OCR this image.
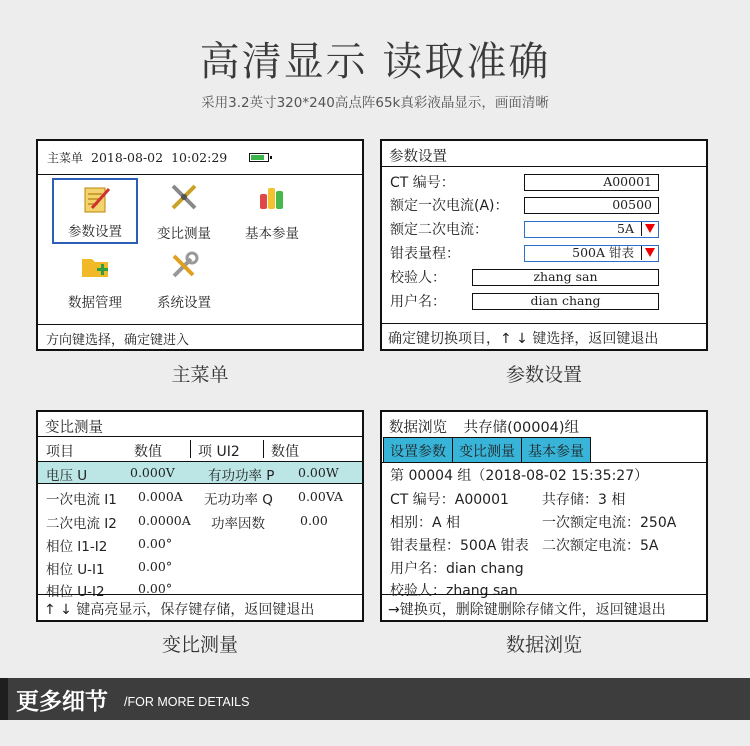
高清显示 读取准确
采用3.2英寸320*240高点阵65k真彩液晶显示，画面清晰
主菜单 2018-08-02 10:02:29
参数设置	变比测量	基本参量
数据管理	系统设置
方向键选择，确定键进入
主菜单
参数设置
CT 编号：	A00001
额定一次电流(A)：	00500
额定二次电流：	5A
钳表量程：	500A 钳表
校验人：	zhang san
用户名：	dian chang
确定键切换项目，↑ ↓ 键选择，返回键退出
参数设置
变比测量
项目	数值	项 UI2 数值
电压 U	0.000V 有功功率 P 0.00W
一次电流 I1 0.000A 无功功率 Q 0.00VA
二次电流 I2 0.0000A 功率因数	0.00
相位 I1-I2 0.00°
相位 U-I1	0.00°
相位 U-I2	0.00°
↑ ↓ 键高亮显示，保存键存储，返回键退出
变比测量
数据浏览 共存储(00004)组
设置参数 变比测量 基本参量
第 00004 组（2018-08-02 15:35:27）
CT 编号：A00001 共存储：3 相
相别：A 相	一次额定电流：250A
钳表量程：500A 钳表 二次额定电流：5A
用户名：dian chang
校验人：zhang san
→键换页，删除键删除存储文件，返回键退出
数据浏览
更多细节 /FOR MORE DETAILS
